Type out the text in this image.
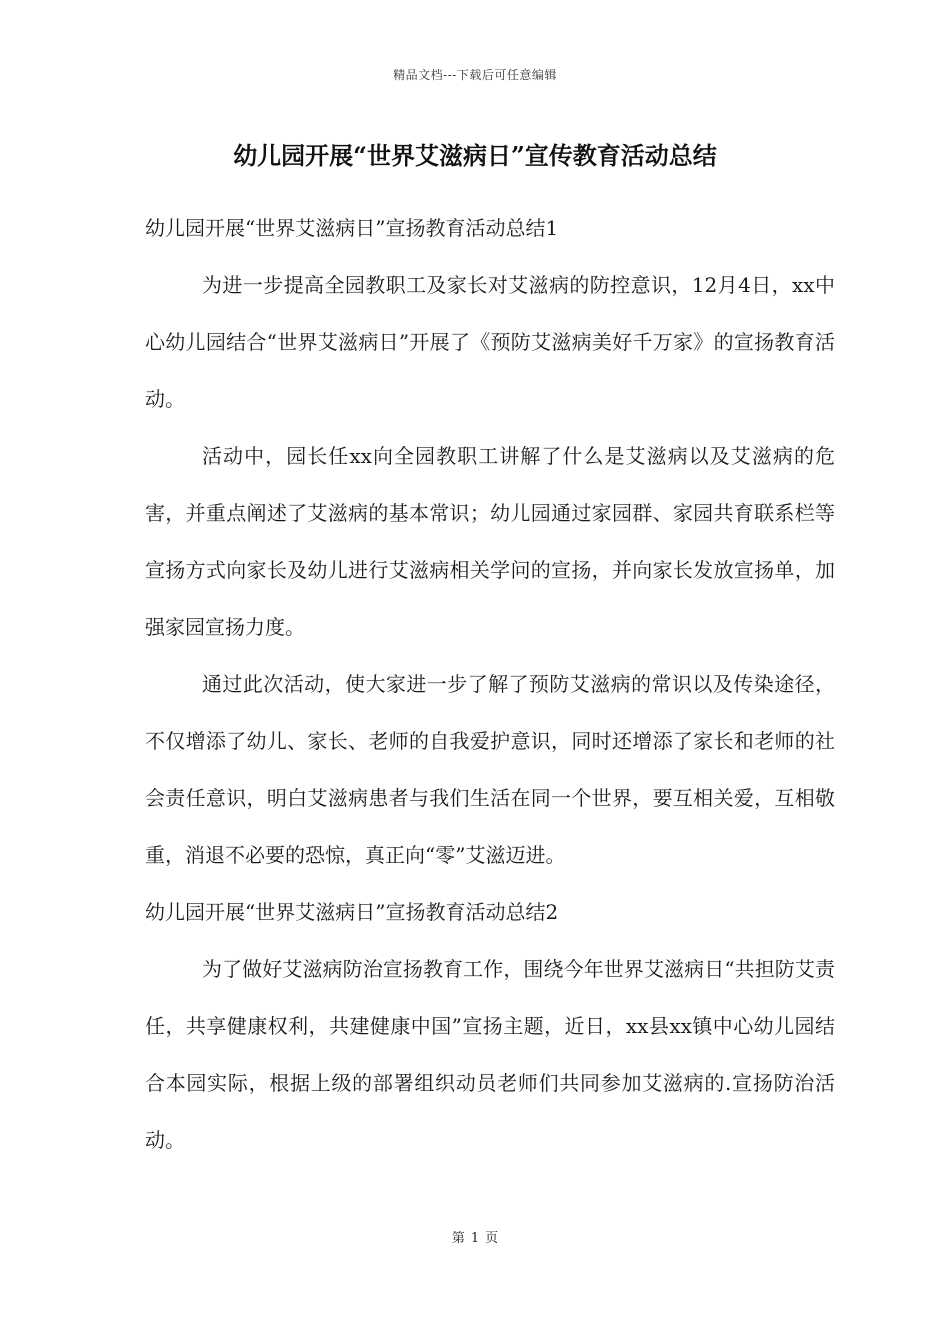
精品文档---下载后可任意编辑
幼儿园开展“世界艾滋病日”宣传教育活动总结
幼儿园开展“世界艾滋病日”宣扬教育活动总结1

为进一步提高全园教职工及家长对艾滋病的防控意识，12月4日，xx中心幼儿园结合“世界艾滋病日”开展了《预防艾滋病美好千万家》的宣扬教育活动。

活动中，园长任xx向全园教职工讲解了什么是艾滋病以及艾滋病的危害，并重点阐述了艾滋病的基本常识；幼儿园通过家园群、家园共育联系栏等宣扬方式向家长及幼儿进行艾滋病相关学问的宣扬，并向家长发放宣扬单，加强家园宣扬力度。

通过此次活动，使大家进一步了解了预防艾滋病的常识以及传染途径，不仅增添了幼儿、家长、老师的自我爱护意识，同时还增添了家长和老师的社会责任意识，明白艾滋病患者与我们生活在同一个世界，要互相关爱，互相敬重，消退不必要的恐惊，真正向“零”艾滋迈进。

幼儿园开展“世界艾滋病日”宣扬教育活动总结2

为了做好艾滋病防治宣扬教育工作，围绕今年世界艾滋病日“共担防艾责任，共享健康权利，共建健康中国”宣扬主题，近日，xx县xx镇中心幼儿园结合本园实际，根据上级的部署组织动员老师们共同参加艾滋病的.宣扬防治活动。

第 1 页
